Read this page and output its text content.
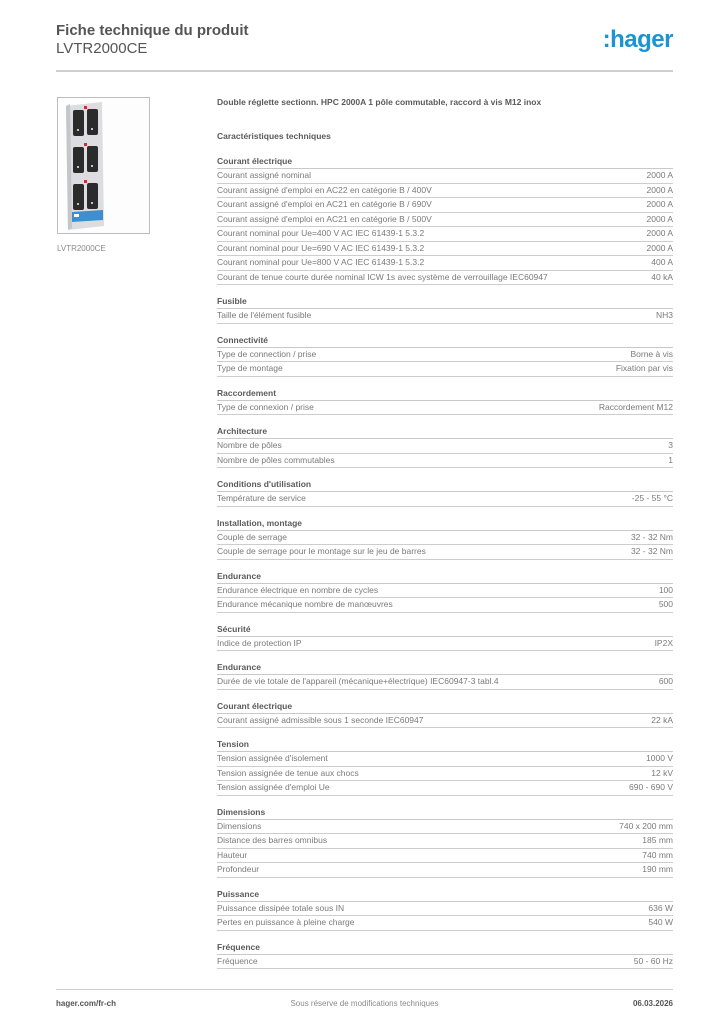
Fiche technique du produit
LVTR2000CE	:hager
LVTR2000CE
Double réglette sectionn. HPC 2000A 1 pôle commutable, raccord à vis M12 inox
Caractéristiques techniques
Courant électrique
Courant assigné nominal	2000 A
Courant assigné d'emploi en AC22 en catégorie B / 400V	2000 A
Courant assigné d'emploi en AC21 en catégorie B / 690V	2000 A
Courant assigné d'emploi en AC21 en catégorie B / 500V	2000 A
Courant nominal pour Ue=400 V AC IEC 61439-1 5.3.2	2000 A
Courant nominal pour Ue=690 V AC IEC 61439-1 5.3.2	2000 A
Courant nominal pour Ue=800 V AC IEC 61439-1 5.3.2	400 A
Courant de tenue courte durée nominal ICW 1s avec système de verrouillage IEC60947	40 kA
Fusible
Taille de l'élément fusible	NH3
Connectivité
Type de connection / prise	Borne à vis
Type de montage	Fixation par vis
Raccordement
Type de connexion / prise	Raccordement M12
Architecture
Nombre de pôles	3
Nombre de pôles commutables	1
Conditions d'utilisation
Température de service	-25 - 55 °C
Installation, montage
Couple de serrage	32 - 32 Nm
Couple de serrage pour le montage sur le jeu de barres	32 - 32 Nm
Endurance
Endurance électrique en nombre de cycles	100
Endurance mécanique nombre de manœuvres	500
Sécurité
Indice de protection IP	IP2X
Endurance
Durée de vie totale de l'appareil (mécanique+électrique) IEC60947-3 tabl.4	600
Courant électrique
Courant assigné admissible sous 1 seconde IEC60947	22 kA
Tension
Tension assignée d'isolement	1000 V
Tension assignée de tenue aux chocs	12 kV
Tension assignée d'emploi Ue	690 - 690 V
Dimensions
Dimensions	740 x 200 mm
Distance des barres omnibus	185 mm
Hauteur	740 mm
Profondeur	190 mm
Puissance
Puissance dissipée totale sous IN	636 W
Pertes en puissance à pleine charge	540 W
Fréquence
Fréquence	50 - 60 Hz
hager.com/fr-ch	Sous réserve de modifications techniques	06.03.2026
